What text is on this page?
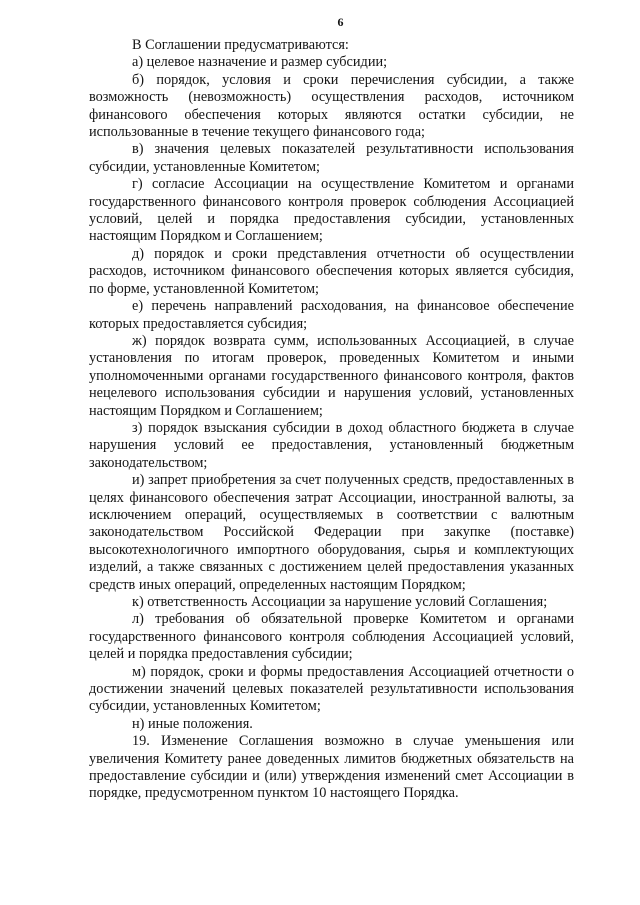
6

В Соглашении предусматриваются:

а) целевое назначение и размер субсидии;

б) порядок, условия и сроки перечисления субсидии, а также возможность (невозможность) осуществления расходов, источником финансового обеспечения которых являются остатки субсидии, не использованные в течение текущего финансового года;

в) значения целевых показателей результативности использования субсидии, установленные Комитетом;

г) согласие Ассоциации на осуществление Комитетом и органами государственного финансового контроля проверок соблюдения Ассоциацией условий, целей и порядка предоставления субсидии, установленных настоящим Порядком и Соглашением;

д) порядок и сроки представления отчетности об осуществлении расходов, источником финансового обеспечения которых является субсидия, по форме, установленной Комитетом;

е) перечень направлений расходования, на финансовое обеспечение которых предоставляется субсидия;

ж) порядок возврата сумм, использованных Ассоциацией, в случае установления по итогам проверок, проведенных Комитетом и иными уполномоченными органами государственного финансового контроля, фактов нецелевого использования субсидии и нарушения условий, установленных настоящим Порядком и Соглашением;

з) порядок взыскания субсидии в доход областного бюджета в случае нарушения условий ее предоставления, установленный бюджетным законодательством;

и) запрет приобретения за счет полученных средств, предоставленных в целях финансового обеспечения затрат Ассоциации, иностранной валюты, за исключением операций, осуществляемых в соответствии с валютным законодательством Российской Федерации при закупке (поставке) высокотехнологичного импортного оборудования, сырья и комплектующих изделий, а также связанных с достижением целей предоставления указанных средств иных операций, определенных настоящим Порядком;

к) ответственность Ассоциации за нарушение условий Соглашения;

л) требования об обязательной проверке Комитетом и органами государственного финансового контроля соблюдения Ассоциацией условий, целей и порядка предоставления субсидии;

м) порядок, сроки и формы предоставления Ассоциацией отчетности о достижении значений целевых показателей результативности использования субсидии, установленных Комитетом;

н) иные положения.

19. Изменение Соглашения возможно в случае уменьшения или увеличения Комитету ранее доведенных лимитов бюджетных обязательств на предоставление субсидии и (или) утверждения изменений смет Ассоциации в порядке, предусмотренном пунктом 10 настоящего Порядка.
